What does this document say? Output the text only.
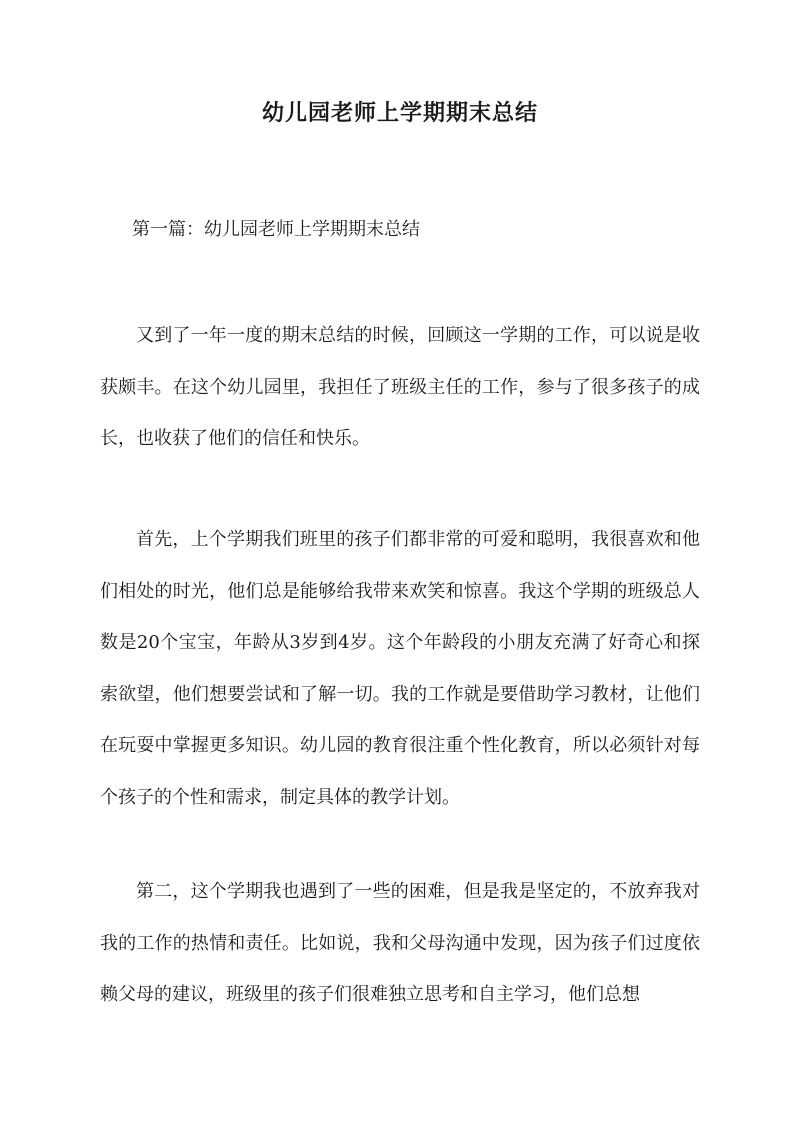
幼儿园老师上学期期末总结

第一篇：幼儿园老师上学期期末总结

又到了一年一度的期末总结的时候，回顾这一学期的工作，可以说是收获颇丰。在这个幼儿园里，我担任了班级主任的工作，参与了很多孩子的成长，也收获了他们的信任和快乐。

首先，上个学期我们班里的孩子们都非常的可爱和聪明，我很喜欢和他们相处的时光，他们总是能够给我带来欢笑和惊喜。我这个学期的班级总人数是20个宝宝，年龄从3岁到4岁。这个年龄段的小朋友充满了好奇心和探索欲望，他们想要尝试和了解一切。我的工作就是要借助学习教材，让他们在玩耍中掌握更多知识。幼儿园的教育很注重个性化教育，所以必须针对每个孩子的个性和需求，制定具体的教学计划。

第二，这个学期我也遇到了一些的困难，但是我是坚定的，不放弃我对我的工作的热情和责任。比如说，我和父母沟通中发现，因为孩子们过度依赖父母的建议，班级里的孩子们很难独立思考和自主学习，他们总想
